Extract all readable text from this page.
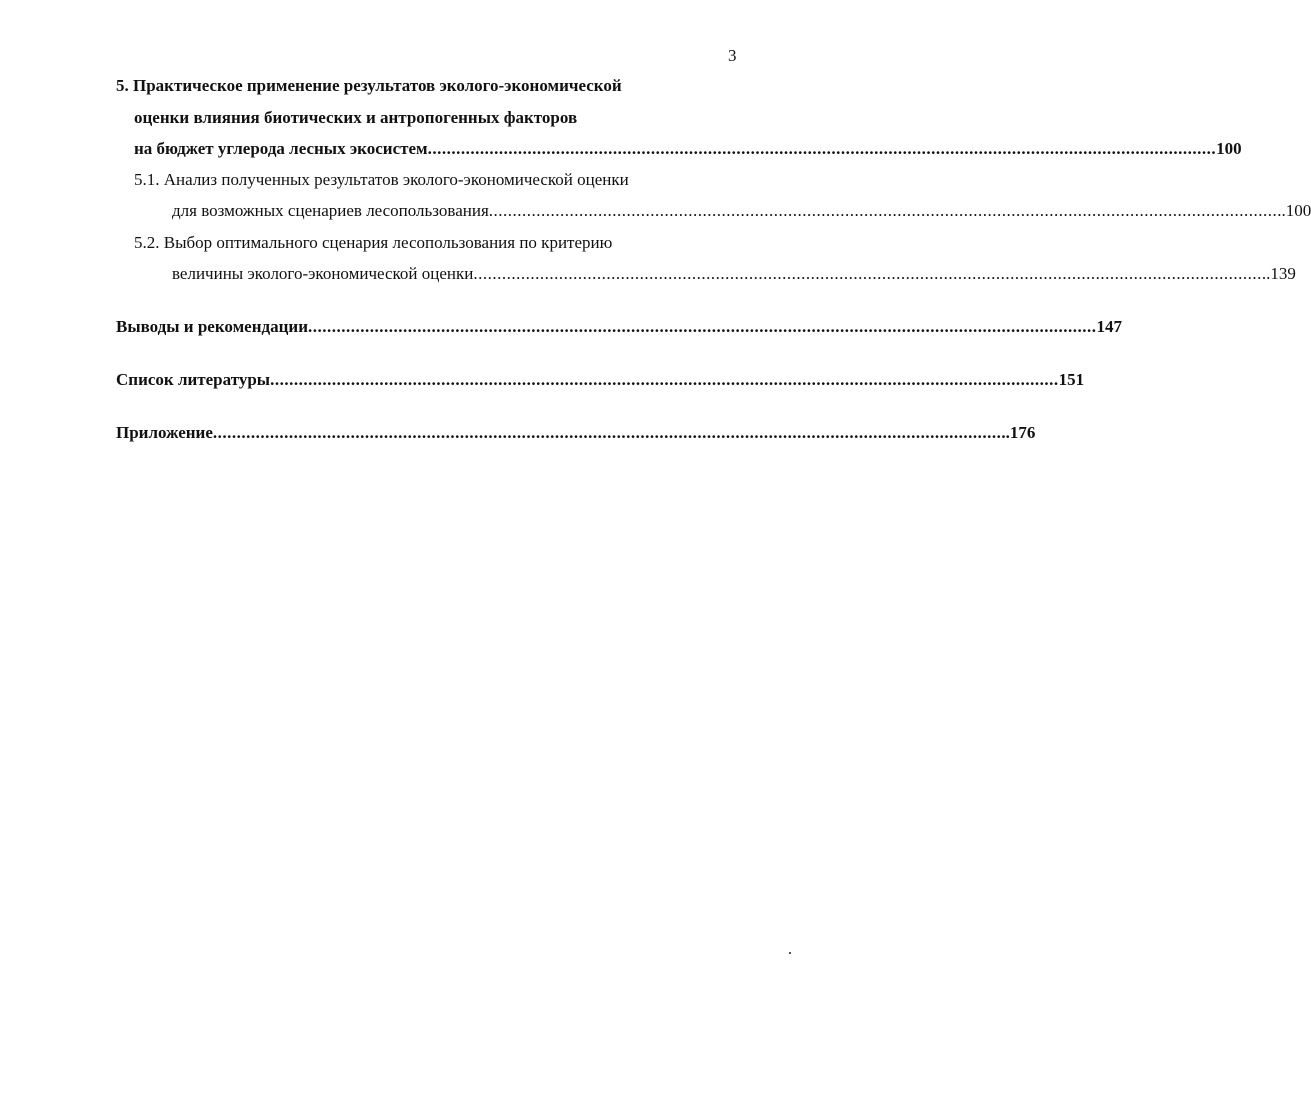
3
5. Практическое применение результатов эколого-экономической
оценки влияния биотических и антропогенных факторов
на бюджет углерода лесных экосистем ...................................................................................................................................................................... 100
5.1. Анализ полученных результатов эколого-экономической оценки
для возможных сценариев лесопользования ...................................................................................................................................................................... ..100
5.2. Выбор оптимального сценария лесопользования по критерию
величины эколого-экономической оценки ...................................................................................................................................................................... ..139
Выводы и рекомендации ...................................................................................................................................................................... 147
Список литературы ...................................................................................................................................................................... 151
Приложение ...................................................................................................................................................................... ..176
